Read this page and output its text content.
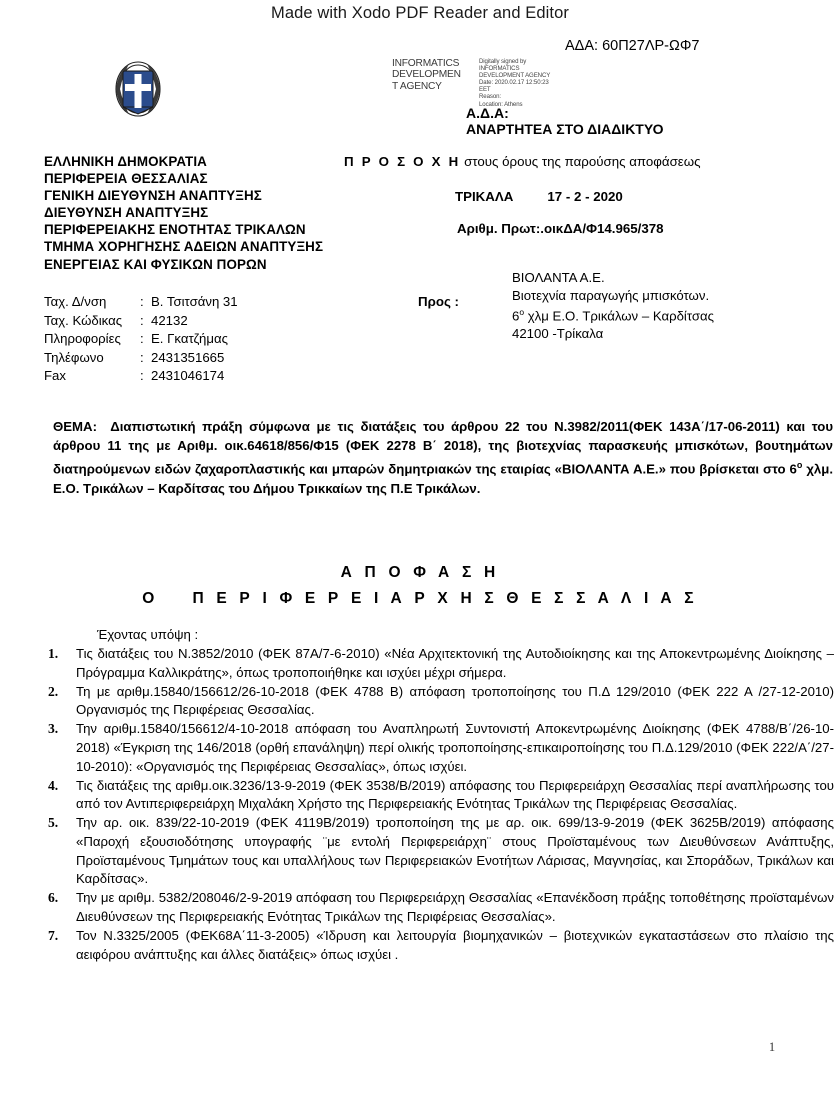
Made with Xodo PDF Reader and Editor
ΑΔΑ: 60Π27ΛΡ-ΩΦ7
INFORMATICS
DEVELOPMEN
T AGENCY
Digitally signed by
INFORMATICS
DEVELOPMENT AGENCY
Date: 2020.02.17 12:50:23
EET
Reason:
Location: Athens
Α.Δ.Α:
ΑΝΑΡΤΗΤΕΑ ΣΤΟ ΔΙΑΔΙΚΤΥΟ
ΕΛΛΗΝΙΚΗ ΔΗΜΟΚΡΑΤΙΑ
ΠΕΡΙΦΕΡΕΙΑ ΘΕΣΣΑΛΙΑΣ
ΓΕΝΙΚΗ ΔΙΕΥΘΥΝΣΗ ΑΝΑΠΤΥΞΗΣ
ΔΙΕΥΘΥΝΣΗ ΑΝΑΠΤΥΞΗΣ
ΠΕΡΙΦΕΡΕΙΑΚΗΣ ΕΝΟΤΗΤΑΣ ΤΡΙΚΑΛΩΝ
ΤΜΗΜΑ ΧΟΡΗΓΗΣΗΣ ΑΔΕΙΩΝ ΑΝΑΠΤΥΞΗΣ
ΕΝΕΡΓΕΙΑΣ ΚΑΙ ΦΥΣΙΚΩΝ ΠΟΡΩΝ
Ταχ. Δ/νση	:	Β. Τσιτσάνη 31
Ταχ. Κώδικας	:	42132
Πληροφορίες	:	Ε. Γκατζήμας
Τηλέφωνο	:	2431351665
Fax	:	2431046174
Π Ρ Ο Σ Ο Χ Η στους όρους της παρούσης αποφάσεως
ΤΡΙΚΑΛΑ	17 - 2 - 2020
Αριθμ. Πρωτ:.οικΔΑ/Φ14.965/378
Προς :
ΒΙΟΛΑΝΤΑ Α.Ε.
Βιοτεχνία παραγωγής μπισκότων.
$6^o$ χλμ Ε.Ο. Τρικάλων – Καρδίτσας
42100 -Τρίκαλα

ΘΕΜΑ: Διαπιστωτική πράξη σύμφωνα με τις διατάξεις του άρθρου 22 του Ν.3982/2011(ΦΕΚ 143Α΄/17-06-2011) και του άρθρου 11 της με Αριθμ. οικ.64618/856/Φ15 (ΦΕΚ 2278 Β΄ 2018), της βιοτεχνίας παρασκευής μπισκότων, βουτημάτων διατηρούμενων ειδών ζαχαροπλαστικής και μπαρών δημητριακών της εταιρίας «ΒΙΟΛΑΝΤΑ Α.Ε.» που βρίσκεται στο $6^o$ χλμ. Ε.Ο. Τρικάλων – Καρδίτσας του Δήμου Τρικκαίων της Π.Ε Τρικάλων.

Α Π Ο Φ Α Σ Η
Ο Π Ε Ρ Ι Φ Ε Ρ Ε Ι Α Ρ Χ Η Σ Θ Ε Σ Σ Α Λ Ι Α Σ
Έχοντας υπόψη :
Τις διατάξεις του Ν.3852/2010 (ΦΕΚ 87Α/7-6-2010) «Νέα Αρχιτεκτονική της Αυτοδιοίκησης και της Αποκεντρωμένης Διοίκησης – Πρόγραμμα Καλλικράτης», όπως τροποποιήθηκε και ισχύει μέχρι σήμερα.
Τη με αριθμ.15840/156612/26-10-2018 (ΦΕΚ 4788 Β) απόφαση τροποποίησης του Π.Δ 129/2010 (ΦΕΚ 222 Α /27-12-2010) Οργανισμός της Περιφέρειας Θεσσαλίας.
Την αριθμ.15840/156612/4-10-2018 απόφαση του Αναπληρωτή Συντονιστή Αποκεντρωμένης Διοίκησης (ΦΕΚ 4788/Β΄/26-10-2018) «Έγκριση της 146/2018 (ορθή επανάληψη) περί ολικής τροποποίησης-επικαιροποίησης του Π.Δ.129/2010 (ΦΕΚ 222/Α΄/27-10-2010): «Οργανισμός της Περιφέρειας Θεσσαλίας», όπως ισχύει.
Τις διατάξεις της αριθμ.οικ.3236/13-9-2019 (ΦΕΚ 3538/Β/2019) απόφασης του Περιφερειάρχη Θεσσαλίας περί αναπλήρωσης του από τον Αντιπεριφερειάρχη Μιχαλάκη Χρήστο της Περιφερειακής Ενότητας Τρικάλων της Περιφέρειας Θεσσαλίας.
Την αρ. οικ. 839/22-10-2019 (ΦΕΚ 4119Β/2019) τροποποίηση της με αρ. οικ. 699/13-9-2019 (ΦΕΚ 3625Β/2019) απόφασης «Παροχή εξουσιοδότησης υπογραφής ¨με εντολή Περιφερειάρχη¨ στους Προϊσταμένους των Διευθύνσεων Ανάπτυξης, Προϊσταμένους Τμημάτων τους και υπαλλήλους των Περιφερειακών Ενοτήτων Λάρισας, Μαγνησίας, και Σποράδων, Τρικάλων και Καρδίτσας».
Την με αριθμ. 5382/208046/2-9-2019 απόφαση του Περιφερειάρχη Θεσσαλίας «Επανέκδοση πράξης τοποθέτησης προϊσταμένων Διευθύνσεων της Περιφερειακής Ενότητας Τρικάλων της Περιφέρειας Θεσσαλίας».
Τον Ν.3325/2005 (ΦΕΚ68Α΄11-3-2005) «Ίδρυση και λειτουργία βιομηχανικών – βιοτεχνικών εγκαταστάσεων στο πλαίσιο της αειφόρου ανάπτυξης και άλλες διατάξεις» όπως ισχύει .
1
